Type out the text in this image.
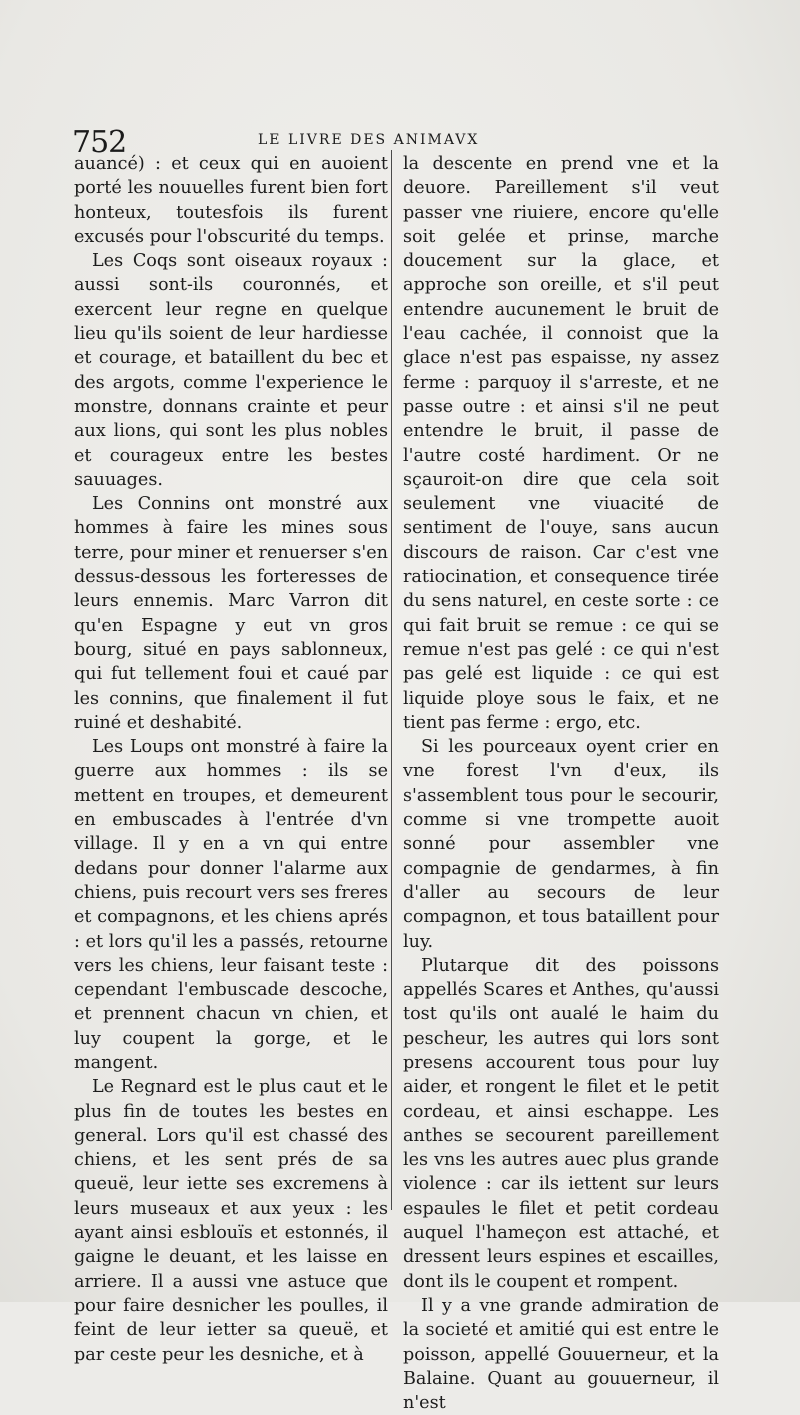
752	LE LIVRE DES ANIMAVX

auancé) : et ceux qui en auoient porté les nouuelles furent bien fort honteux, toutesfois ils furent excusés pour l'obscurité du temps.

Les Coqs sont oiseaux royaux : aussi sont-ils couronnés, et exercent leur regne en quelque lieu qu'ils soient de leur hardiesse et courage, et bataillent du bec et des argots, comme l'experience le monstre, donnans crainte et peur aux lions, qui sont les plus nobles et courageux entre les bestes sauuages.

Les Connins ont monstré aux hommes à faire les mines sous terre, pour miner et renuerser s'en dessus-dessous les forteresses de leurs ennemis. Marc Varron dit qu'en Espagne y eut vn gros bourg, situé en pays sablonneux, qui fut tellement foui et caué par les connins, que finalement il fut ruiné et deshabité.

Les Loups ont monstré à faire la guerre aux hommes : ils se mettent en troupes, et demeurent en embuscades à l'entrée d'vn village. Il y en a vn qui entre dedans pour donner l'alarme aux chiens, puis recourt vers ses freres et compagnons, et les chiens aprés : et lors qu'il les a passés, retourne vers les chiens, leur faisant teste : cependant l'embuscade descoche, et prennent chacun vn chien, et luy coupent la gorge, et le mangent.

Le Regnard est le plus caut et le plus fin de toutes les bestes en general. Lors qu'il est chassé des chiens, et les sent prés de sa queuë, leur iette ses excremens à leurs museaux et aux yeux : les ayant ainsi esblouïs et estonnés, il gaigne le deuant, et les laisse en arriere. Il a aussi vne astuce que pour faire desnicher les poulles, il feint de leur ietter sa queuë, et par ceste peur les desniche, et à

la descente en prend vne et la deuore. Pareillement s'il veut passer vne riuiere, encore qu'elle soit gelée et prinse, marche doucement sur la glace, et approche son oreille, et s'il peut entendre aucunement le bruit de l'eau cachée, il connoist que la glace n'est pas espaisse, ny assez ferme : parquoy il s'arreste, et ne passe outre : et ainsi s'il ne peut entendre le bruit, il passe de l'autre costé hardiment. Or ne sçauroit-on dire que cela soit seulement vne viuacité de sentiment de l'ouye, sans aucun discours de raison. Car c'est vne ratiocination, et consequence tirée du sens naturel, en ceste sorte : ce qui fait bruit se remue : ce qui se remue n'est pas gelé : ce qui n'est pas gelé est liquide : ce qui est liquide ploye sous le faix, et ne tient pas ferme : ergo, etc.

Si les pourceaux oyent crier en vne forest l'vn d'eux, ils s'assemblent tous pour le secourir, comme si vne trompette auoit sonné pour assembler vne compagnie de gendarmes, à fin d'aller au secours de leur compagnon, et tous bataillent pour luy.

Plutarque dit des poissons appellés Scares et Anthes, qu'aussi tost qu'ils ont aualé le haim du pescheur, les autres qui lors sont presens accourent tous pour luy aider, et rongent le filet et le petit cordeau, et ainsi eschappe. Les anthes se secourent pareillement les vns les autres auec plus grande violence : car ils iettent sur leurs espaules le filet et petit cordeau auquel l'hameçon est attaché, et dressent leurs espines et escailles, dont ils le coupent et rompent.

Il y a vne grande admiration de la societé et amitié qui est entre le poisson, appellé Gouuerneur, et la Balaine. Quant au gouuerneur, il n'est
